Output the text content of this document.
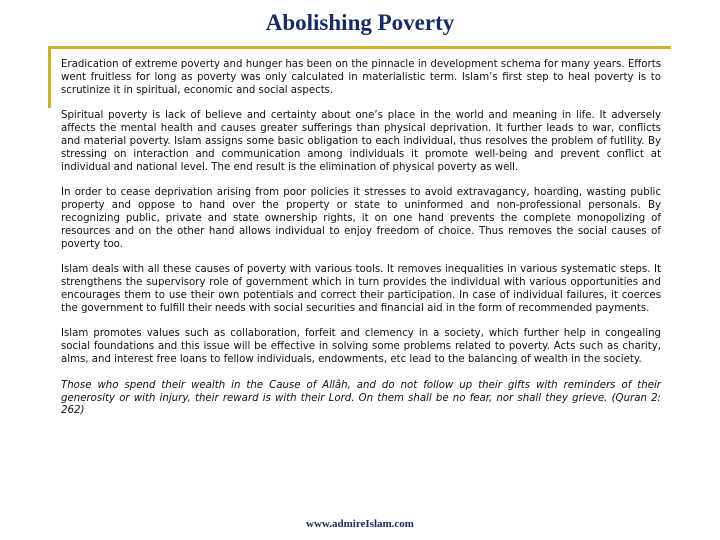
Abolishing Poverty

Eradication of extreme poverty and hunger has been on the pinnacle in development schema for many years. Efforts went fruitless for long as poverty was only calculated in materialistic term. Islam’s first step to heal poverty is to scrutinize it in spiritual, economic and social aspects.

Spiritual poverty is lack of believe and certainty about one’s place in the world and meaning in life. It adversely affects the mental health and causes greater sufferings than physical deprivation. It further leads to war, conflicts and material poverty. Islam assigns some basic obligation to each individual, thus resolves the problem of futility. By stressing on interaction and communication among individuals it promote well-being and prevent conflict at individual and national level. The end result is the elimination of physical poverty as well.

In order to cease deprivation arising from poor policies it stresses to avoid extravagancy, hoarding, wasting public property and oppose to hand over the property or state to uninformed and non-professional personals. By recognizing public, private and state ownership rights, it on one hand prevents the complete monopolizing of resources and on the other hand allows individual to enjoy freedom of choice. Thus removes the social causes of poverty too.

Islam deals with all these causes of poverty with various tools. It removes inequalities in various systematic steps. It strengthens the supervisory role of government which in turn provides the individual with various opportunities and encourages them to use their own potentials and correct their participation. In case of individual failures, it coerces the government to fulfill their needs with social securities and financial aid in the form of recommended payments.

Islam promotes values such as collaboration, forfeit and clemency in a society, which further help in congealing social foundations and this issue will be effective in solving some problems related to poverty. Acts such as charity, alms, and interest free loans to fellow individuals, endowments, etc lead to the balancing of wealth in the society.

Those who spend their wealth in the Cause of Allâh, and do not follow up their gifts with reminders of their generosity or with injury, their reward is with their Lord. On them shall be no fear, nor shall they grieve. (Quran 2: 262)

www.admireIslam.com
